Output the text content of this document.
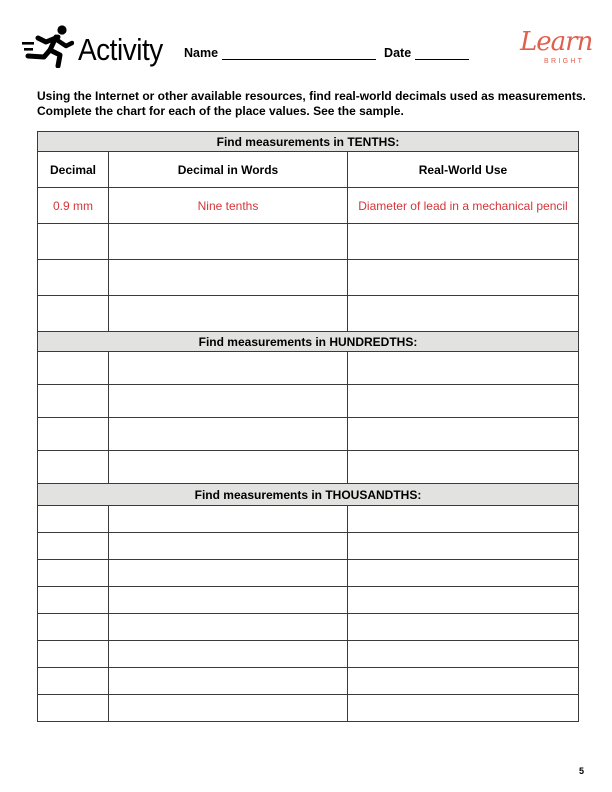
Activity Name	Date	Learn
BRIGHT
Using the Internet or other available resources, find real-world decimals used as measurements.
Complete the chart for each of the place values. See the sample.
Find measurements in TENTHS:		
Decimal	Decimal in Words	Real-World Use
0.9 mm	Nine tenths	Diameter of lead in a mechanical pencil

Find measurements in HUNDREDTHS:		

Find measurements in THOUSANDTHS:		

5
